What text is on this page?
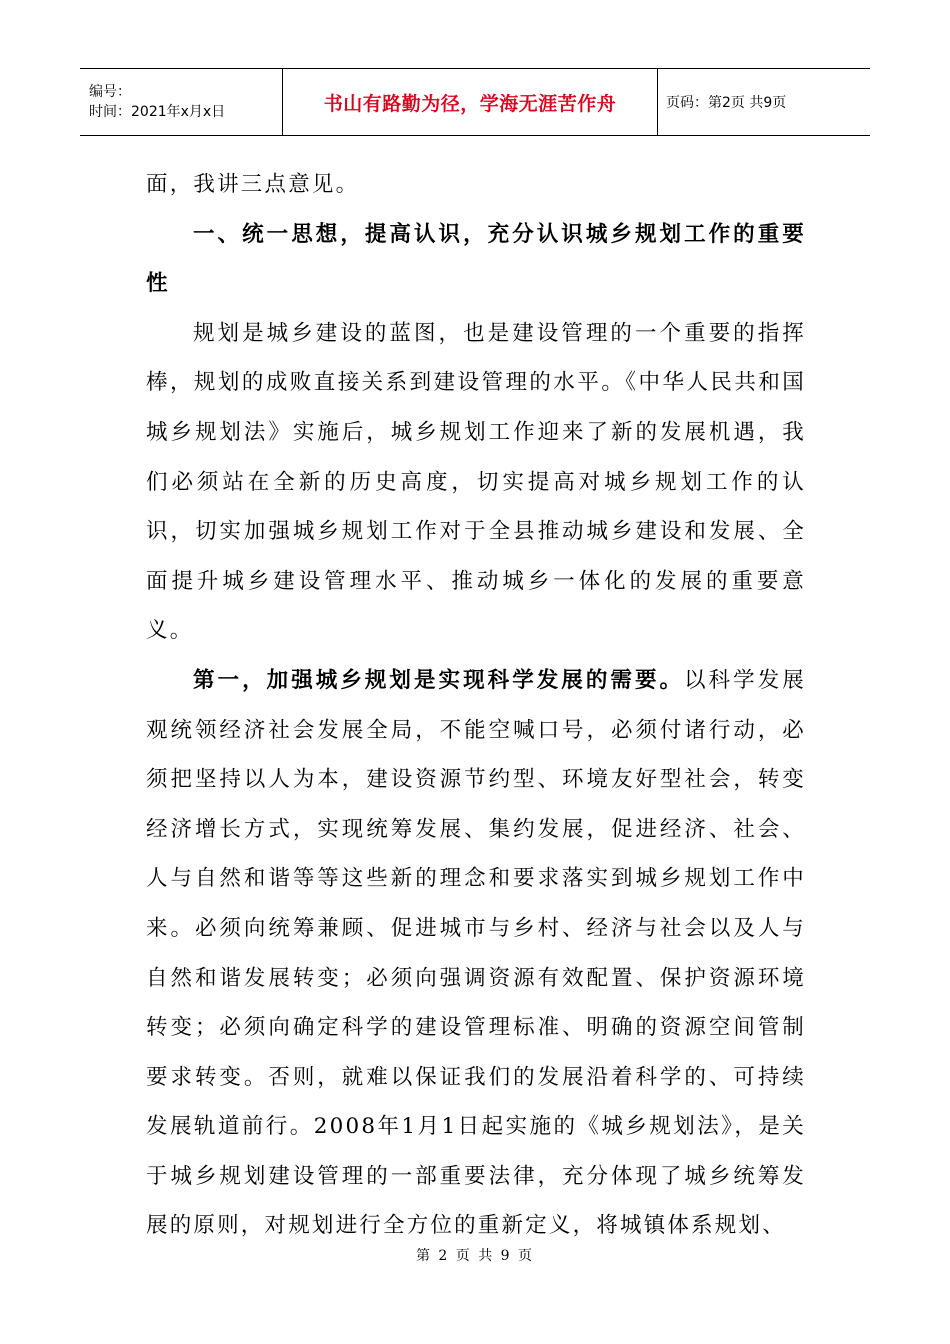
编号：
时间：2021年x月x日	书山有路勤为径，学海无涯苦作舟	页码：第2页 共9页

面，我讲三点意见。

一、统一思想，提高认识，充分认识城乡规划工作的重要性

规划是城乡建设的蓝图，也是建设管理的一个重要的指挥棒，规划的成败直接关系到建设管理的水平。《中华人民共和国城乡规划法》实施后，城乡规划工作迎来了新的发展机遇，我们必须站在全新的历史高度，切实提高对城乡规划工作的认识，切实加强城乡规划工作对于全县推动城乡建设和发展、全面提升城乡建设管理水平、推动城乡一体化的发展的重要意义。

第一，加强城乡规划是实现科学发展的需要。以科学发展观统领经济社会发展全局，不能空喊口号，必须付诸行动，必须把坚持以人为本，建设资源节约型、环境友好型社会，转变经济增长方式，实现统筹发展、集约发展，促进经济、社会、人与自然和谐等等这些新的理念和要求落实到城乡规划工作中来。必须向统筹兼顾、促进城市与乡村、经济与社会以及人与自然和谐发展转变；必须向强调资源有效配置、保护资源环境转变；必须向确定科学的建设管理标准、明确的资源空间管制要求转变。否则，就难以保证我们的发展沿着科学的、可持续发展轨道前行。2008年1月1日起实施的《城乡规划法》，是关于城乡规划建设管理的一部重要法律，充分体现了城乡统筹发展的原则，对规划进行全方位的重新定义，将城镇体系规划、

第 2 页 共 9 页
